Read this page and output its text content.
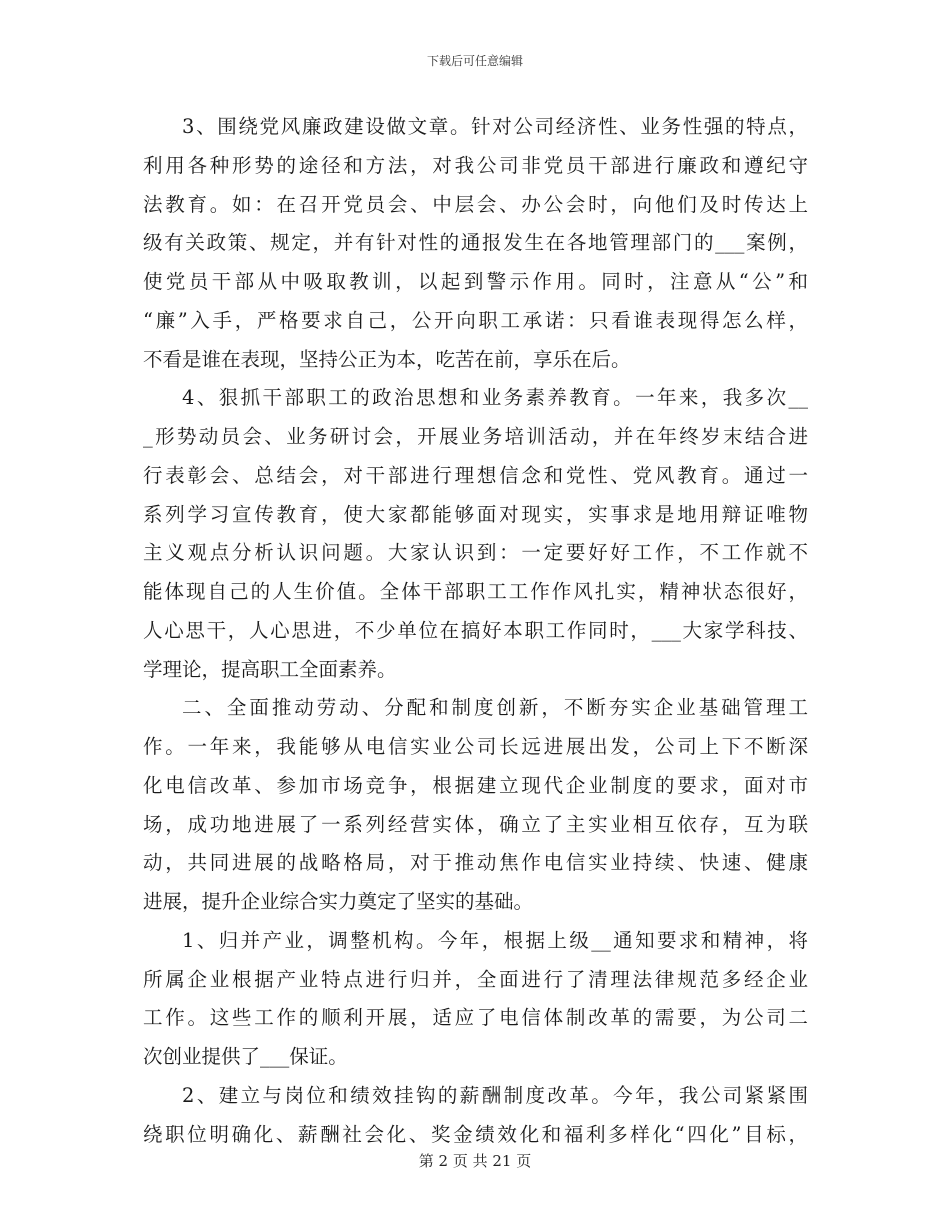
下载后可任意编辑
3、围绕党风廉政建设做文章。针对公司经济性、业务性强的特点，
利用各种形势的途径和方法，对我公司非党员干部进行廉政和遵纪守
法教育。如：在召开党员会、中层会、办公会时，向他们及时传达上
级有关政策、规定，并有针对性的通报发生在各地管理部门的___案例，
使党员干部从中吸取教训，以起到警示作用。同时，注意从“公”和
“廉”入手，严格要求自己，公开向职工承诺：只看谁表现得怎么样，
不看是谁在表现，坚持公正为本，吃苦在前，享乐在后。
4、狠抓干部职工的政治思想和业务素养教育。一年来，我多次__
_形势动员会、业务研讨会，开展业务培训活动，并在年终岁末结合进
行表彰会、总结会，对干部进行理想信念和党性、党风教育。通过一
系列学习宣传教育，使大家都能够面对现实，实事求是地用辩证唯物
主义观点分析认识问题。大家认识到：一定要好好工作，不工作就不
能体现自己的人生价值。全体干部职工工作作风扎实，精神状态很好，
人心思干，人心思进，不少单位在搞好本职工作同时，___大家学科技、
学理论，提高职工全面素养。
二、全面推动劳动、分配和制度创新，不断夯实企业基础管理工
作。一年来，我能够从电信实业公司长远进展出发，公司上下不断深
化电信改革、参加市场竞争，根据建立现代企业制度的要求，面对市
场，成功地进展了一系列经营实体，确立了主实业相互依存，互为联
动，共同进展的战略格局，对于推动焦作电信实业持续、快速、健康
进展，提升企业综合实力奠定了坚实的基础。
1、归并产业，调整机构。今年，根据上级__通知要求和精神，将
所属企业根据产业特点进行归并，全面进行了清理法律规范多经企业
工作。这些工作的顺利开展，适应了电信体制改革的需要，为公司二
次创业提供了___保证。
2、建立与岗位和绩效挂钩的薪酬制度改革。今年，我公司紧紧围
绕职位明确化、薪酬社会化、奖金绩效化和福利多样化“四化”目标，
第 2 页 共 21 页
